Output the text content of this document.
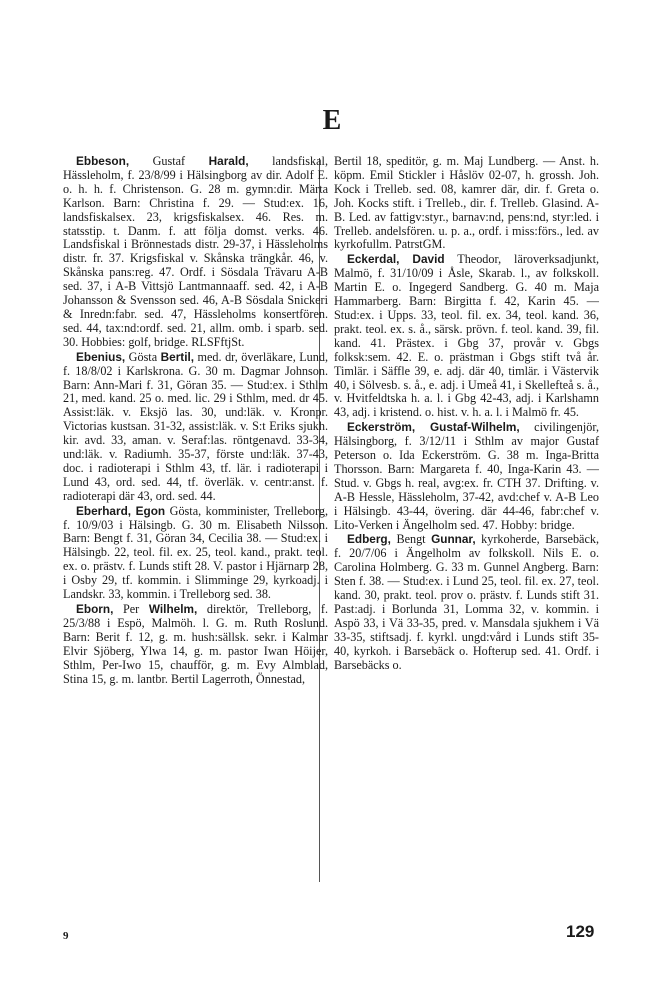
E

Ebbeson, Gustaf Harald, landsfiskal, Hässleholm, f. 23/8/99 i Hälsingborg av dir. Adolf E. o. h. h. f. Christenson. G. 28 m. gymn:dir. Märta Karlson. Barn: Christina f. 29. — Stud:ex. 16, landsfiskalsex. 23, krigsfiskalsex. 46. Res. m. statsstip. t. Danm. f. att följa domst. verks. 46. Landsfiskal i Brönnestads distr. 29-37, i Hässleholms distr. fr. 37. Krigsfiskal v. Skånska trängkår. 46, v. Skånska pans:reg. 47. Ordf. i Sösdala Trävaru A-B sed. 37, i A-B Vittsjö Lantmannaaff. sed. 42, i A-B Johansson & Svensson sed. 46, A-B Sösdala Snickeri & Inredn:fabr. sed. 47, Hässleholms konsertfören. sed. 44, tax:nd:ordf. sed. 21, allm. omb. i sparb. sed. 30. Hobbies: golf, bridge. RLSFftjSt.

Ebenius, Gösta Bertil, med. dr, överläkare, Lund, f. 18/8/02 i Karlskrona. G. 30 m. Dagmar Johnson. Barn: Ann-Mari f. 31, Göran 35. — Stud:ex. i Sthlm 21, med. kand. 25 o. med. lic. 29 i Sthlm, med. dr 45. Assist:läk. v. Eksjö las. 30, und:läk. v. Kronpr. Victorias kustsan. 31-32, assist:läk. v. S:t Eriks sjukh. kir. avd. 33, aman. v. Seraf:las. röntgenavd. 33-34, und:läk. v. Radiumh. 35-37, förste und:läk. 37-43, doc. i radioterapi i Sthlm 43, tf. lär. i radioterapi i Lund 43, ord. sed. 44, tf. överläk. v. centr:anst. f. radioterapi där 43, ord. sed. 44.

Eberhard, Egon Gösta, komminister, Trelleborg, f. 10/9/03 i Hälsingb. G. 30 m. Elisabeth Nilsson. Barn: Bengt f. 31, Göran 34, Cecilia 38. — Stud:ex. i Hälsingb. 22, teol. fil. ex. 25, teol. kand., prakt. teol. ex. o. prästv. f. Lunds stift 28. V. pastor i Hjärnarp 28, i Osby 29, tf. kommin. i Slimminge 29, kyrkoadj. i Landskr. 33, kommin. i Trelleborg sed. 38.

Eborn, Per Wilhelm, direktör, Trelleborg, f. 25/3/88 i Espö, Malmöh. l. G. m. Ruth Roslund. Barn: Berit f. 12, g. m. hush:sällsk. sekr. i Kalmar Elvir Sjöberg, Ylwa 14, g. m. pastor Iwan Höijer, Sthlm, Per-Iwo 15, chaufför, g. m. Evy Almblad, Stina 15, g. m. lantbr. Bertil Lagerroth, Önnestad,

Bertil 18, speditör, g. m. Maj Lundberg. — Anst. h. köpm. Emil Stickler i Håslöv 02-07, h. grossh. Joh. Kock i Trelleb. sed. 08, kamrer där, dir. f. Greta o. Joh. Kocks stift. i Trelleb., dir. f. Trelleb. Glasind. A-B. Led. av fattigv:styr., barnav:nd, pens:nd, styr:led. i Trelleb. andelsfören. u. p. a., ordf. i miss:förs., led. av kyrkofullm. PatrstGM.

Eckerdal, David Theodor, läroverksadjunkt, Malmö, f. 31/10/09 i Åsle, Skarab. l., av folkskoll. Martin E. o. Ingegerd Sandberg. G. 40 m. Maja Hammarberg. Barn: Birgitta f. 42, Karin 45. — Stud:ex. i Upps. 33, teol. fil. ex. 34, teol. kand. 36, prakt. teol. ex. s. å., särsk. prövn. f. teol. kand. 39, fil. kand. 41. Prästex. i Gbg 37, provår v. Gbgs folksk:sem. 42. E. o. prästman i Gbgs stift två år. Timlär. i Säffle 39, e. adj. där 40, timlär. i Västervik 40, i Sölvesb. s. å., e. adj. i Umeå 41, i Skellefteå s. å., v. Hvitfeldtska h. a. l. i Gbg 42-43, adj. i Karlshamn 43, adj. i kristend. o. hist. v. h. a. l. i Malmö fr. 45.

Eckerström, Gustaf-Wilhelm, civilingenjör, Hälsingborg, f. 3/12/11 i Sthlm av major Gustaf Peterson o. Ida Eckerström. G. 38 m. Inga-Britta Thorsson. Barn: Margareta f. 40, Inga-Karin 43. — Stud. v. Gbgs h. real, avg:ex. fr. CTH 37. Drifting. v. A-B Hessle, Hässleholm, 37-42, avd:chef v. A-B Leo i Hälsingb. 43-44, övering. där 44-46, fabr:chef v. Lito-Verken i Ängelholm sed. 47. Hobby: bridge.

Edberg, Bengt Gunnar, kyrkoherde, Barsebäck, f. 20/7/06 i Ängelholm av folkskoll. Nils E. o. Carolina Holmberg. G. 33 m. Gunnel Angberg. Barn: Sten f. 38. — Stud:ex. i Lund 25, teol. fil. ex. 27, teol. kand. 30, prakt. teol. prov o. prästv. f. Lunds stift 31. Past:adj. i Borlunda 31, Lomma 32, v. kommin. i Aspö 33, i Vä 33-35, pred. v. Mansdala sjukhem i Vä 33-35, stiftsadj. f. kyrkl. ungd:vård i Lunds stift 35-40, kyrkoh. i Barsebäck o. Hofterup sed. 41. Ordf. i Barsebäcks o.

9	129
